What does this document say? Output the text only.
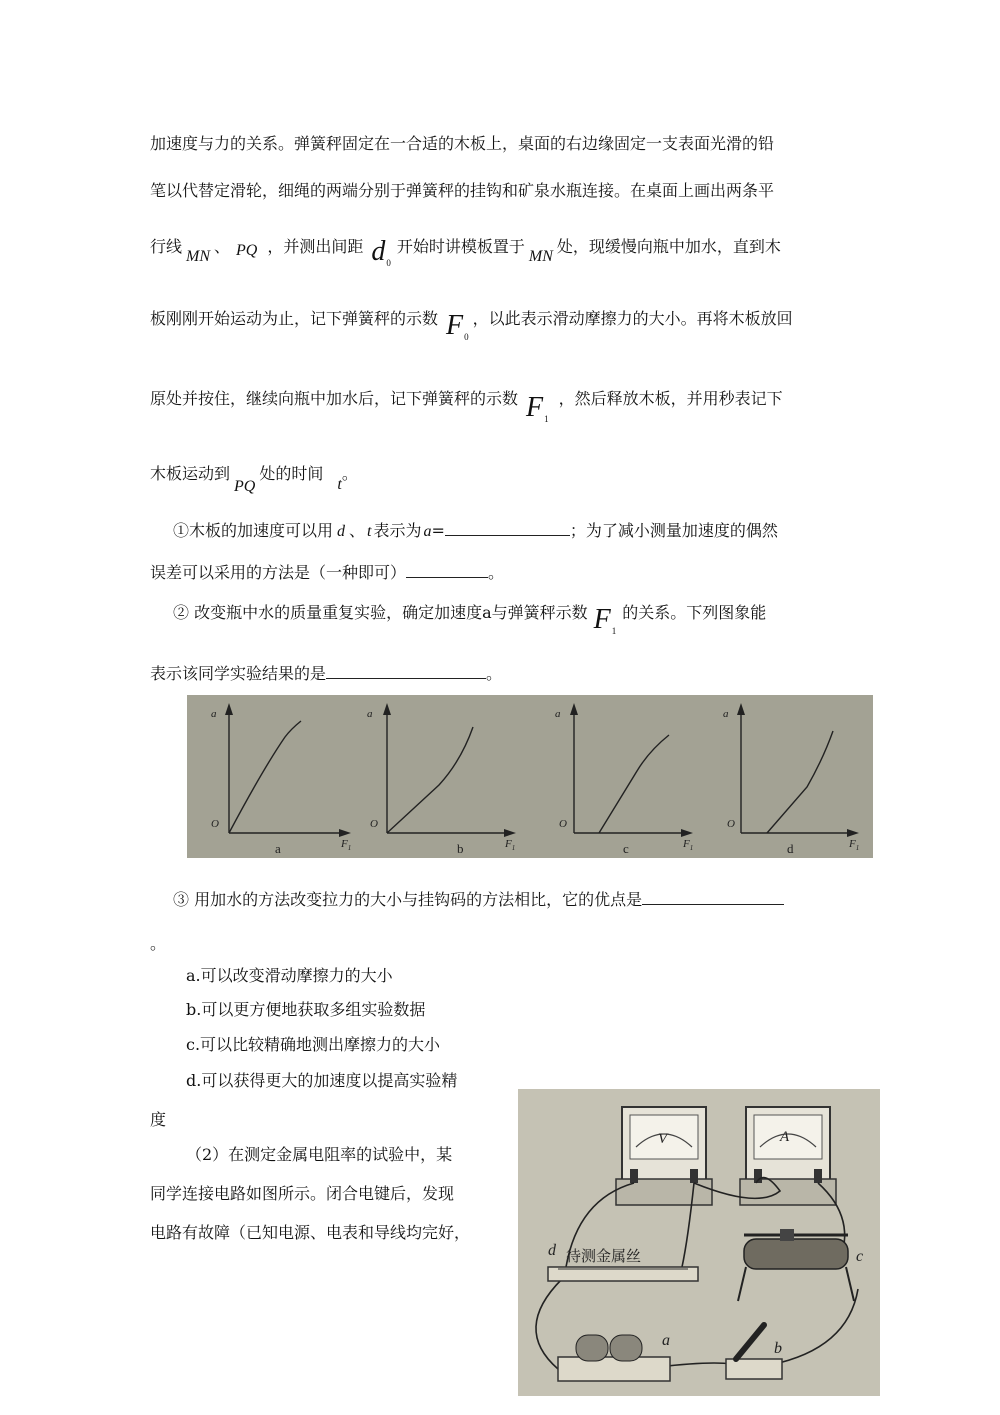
加速度与力的关系。弹簧秤固定在一合适的木板上，桌面的右边缘固定一支表面光滑的铅
笔以代替定滑轮，细绳的两端分别于弹簧秤的挂钩和矿泉水瓶连接。在桌面上画出两条平
行线MN、 PQ ，并测出间距 $d_0$开始时讲模板置于MN处，现缓慢向瓶中加水，直到木
板刚刚开始运动为止，记下弹簧秤的示数 $F_0$，以此表示滑动摩擦力的大小。再将木板放回
原处并按住，继续向瓶中加水后，记下弹簧秤的示数 $F_1$，然后释放木板，并用秒表记下
木板运动到PQ处的时间t。
①木板的加速度可以用 d 、 t 表示为 a=	；为了减小测量加速度的偶然
误差可以采用的方法是（一种即可）	。
② 改变瓶中水的质量重复实验，确定加速度a与弹簧秤示数 $F_1$的关系。下列图象能
表示该同学实验结果的是	。
a
O
$F_1$
a
a
O
$F_1$
b
a
O
$F_1$
c
a
O
$F_1$
d
③ 用加水的方法改变拉力的大小与挂钩码的方法相比，它的优点是
。
a.可以改变滑动摩擦力的大小
b.可以更方便地获取多组实验数据
c.可以比较精确地测出摩擦力的大小
d.可以获得更大的加速度以提高实验精
度
（2）在测定金属电阻率的试验中，某
同学连接电路如图所示。闭合电键后，发现
电路有故障（已知电源、电表和导线均完好，
V	A
待测金属丝
d	c
a	b
